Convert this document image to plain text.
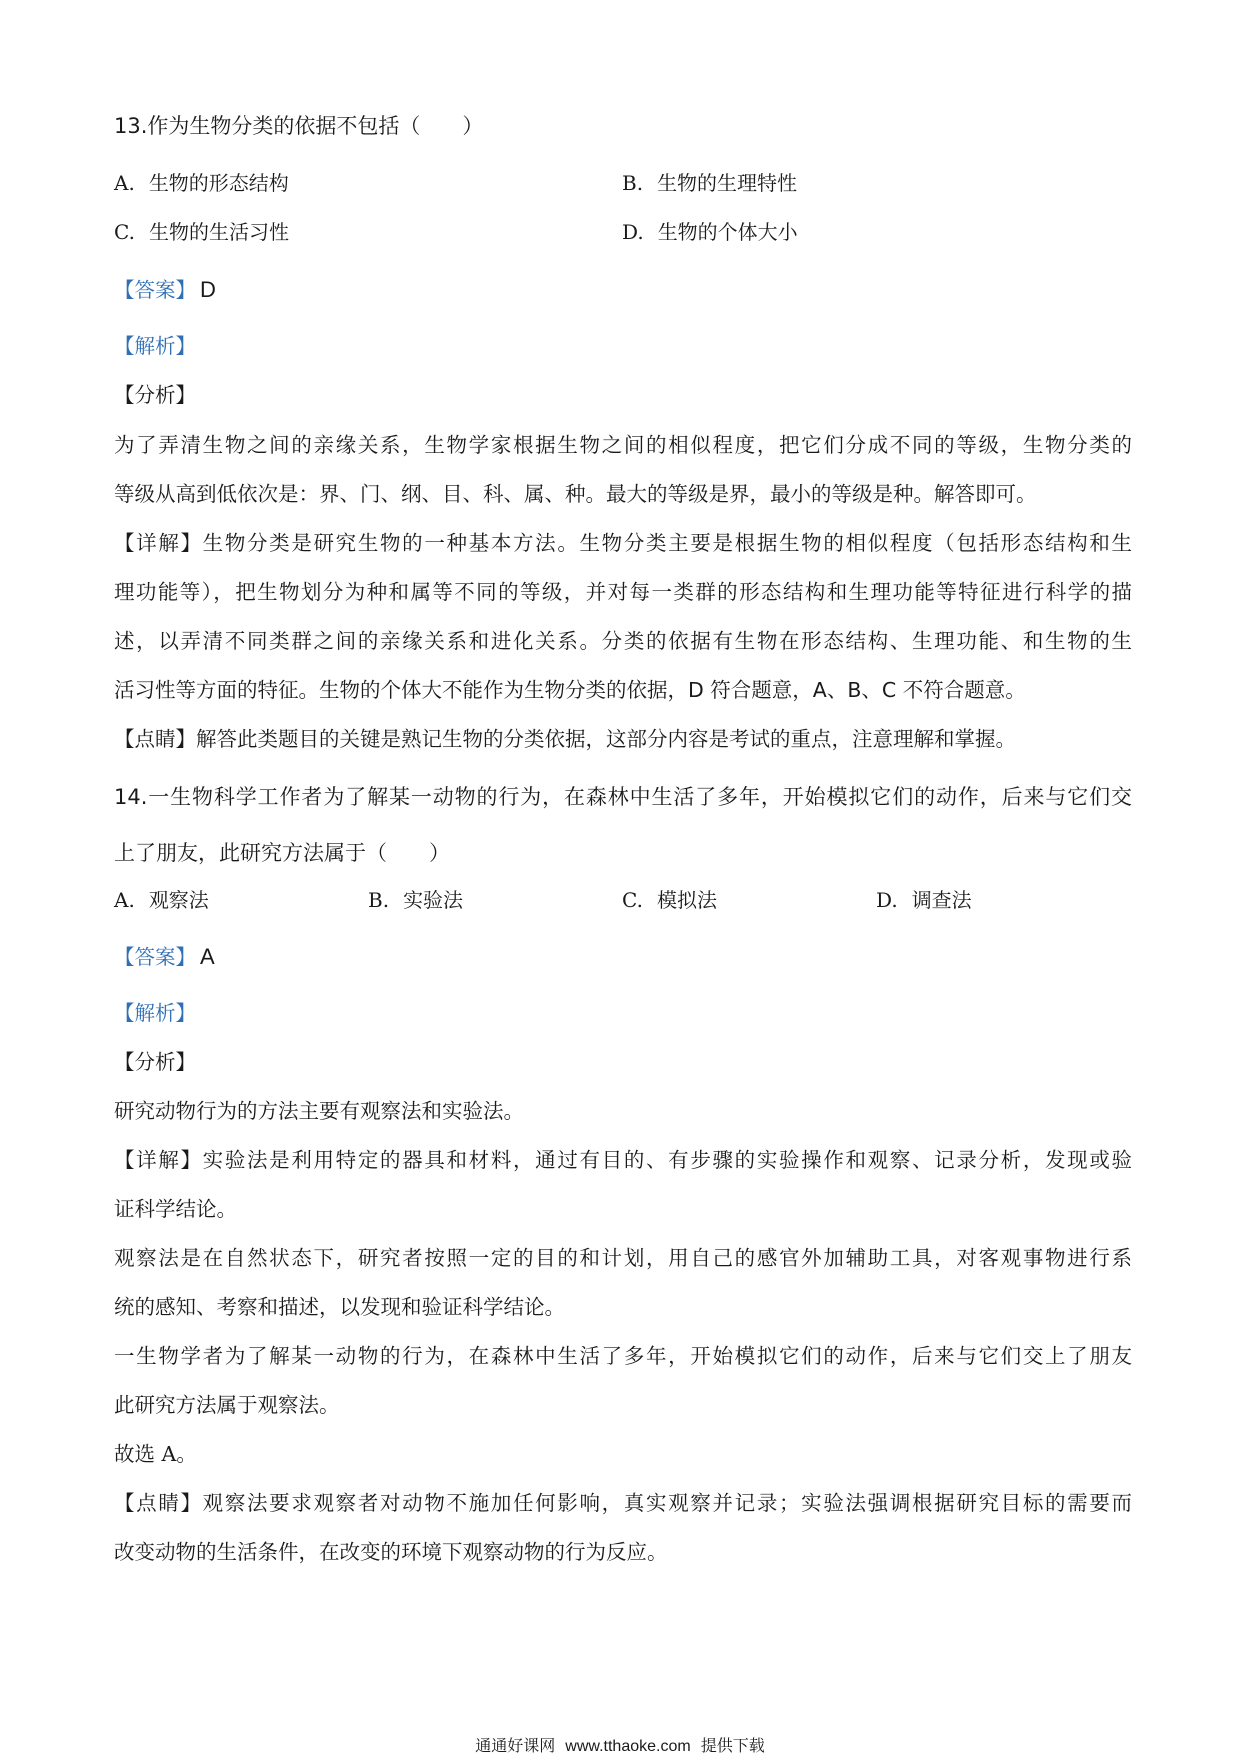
13.作为生物分类的依据不包括（　　）
A. 生物的形态结构	B. 生物的生理特性
C. 生物的生活习性	D. 生物的个体大小
【答案】 D
【解析】
【分析】
为了弄清生物之间的亲缘关系，生物学家根据生物之间的相似程度，把它们分成不同的等级，生物分类的
等级从高到低依次是：界、门、纲、目、科、属、种。最大的等级是界，最小的等级是种。解答即可。
【详解】生物分类是研究生物的一种基本方法。生物分类主要是根据生物的相似程度（包括形态结构和生
理功能等），把生物划分为种和属等不同的等级，并对每一类群的形态结构和生理功能等特征进行科学的描
述，以弄清不同类群之间的亲缘关系和进化关系。分类的依据有生物在形态结构、生理功能、和生物的生
活习性等方面的特征。生物的个体大不能作为生物分类的依据，D 符合题意，A、B、C 不符合题意。
【点睛】解答此类题目的关键是熟记生物的分类依据，这部分内容是考试的重点，注意理解和掌握。
14.一生物科学工作者为了解某一动物的行为，在森林中生活了多年，开始模拟它们的动作，后来与它们交
上了朋友，此研究方法属于（　　）
A. 观察法	B. 实验法	C. 模拟法	D. 调查法
【答案】 A
【解析】
【分析】
研究动物行为的方法主要有观察法和实验法。
【详解】实验法是利用特定的器具和材料，通过有目的、有步骤的实验操作和观察、记录分析，发现或验
证科学结论。
观察法是在自然状态下，研究者按照一定的目的和计划，用自己的感官外加辅助工具，对客观事物进行系
统的感知、考察和描述，以发现和验证科学结论。
一生物学者为了解某一动物的行为，在森林中生活了多年，开始模拟它们的动作，后来与它们交上了朋友
此研究方法属于观察法。
故选 A。
【点睛】观察法要求观察者对动物不施加任何影响，真实观察并记录；实验法强调根据研究目标的需要而
改变动物的生活条件，在改变的环境下观察动物的行为反应。
通通好课网 www.tthaoke.com 提供下载
